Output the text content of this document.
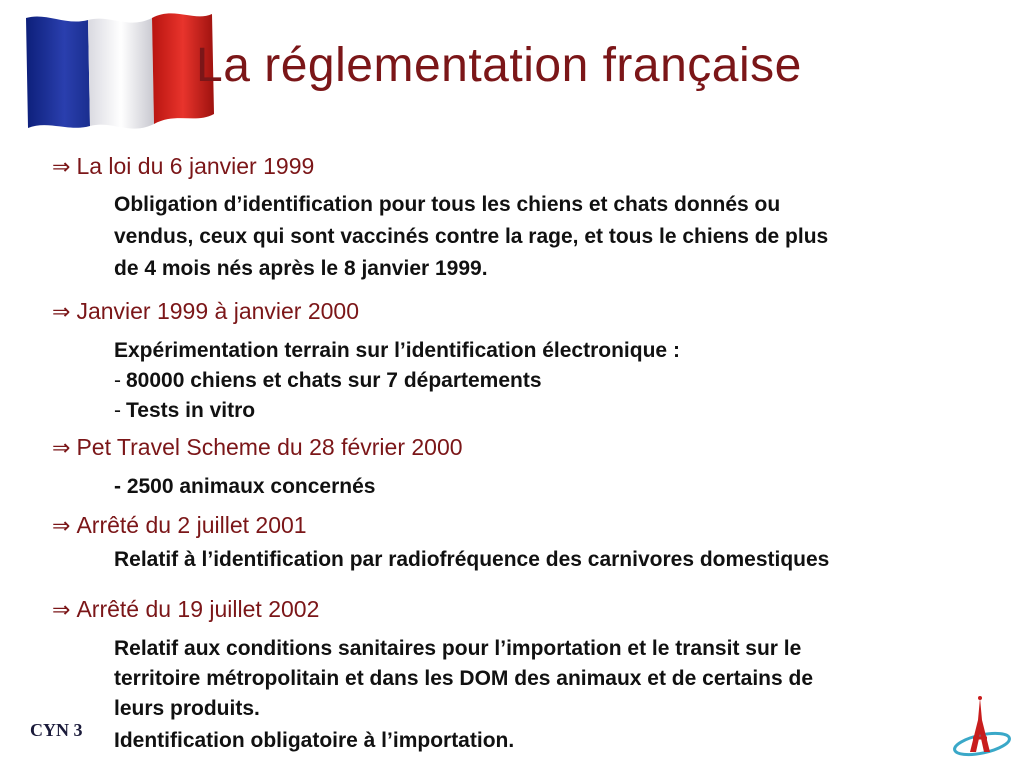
La réglementation française
⇒ La loi du 6 janvier 1999
Obligation d’identification pour tous les chiens et chats donnés ou
vendus, ceux qui sont vaccinés contre la rage, et tous le chiens de plus
de 4 mois nés après le 8 janvier 1999.
⇒ Janvier 1999 à janvier 2000
Expérimentation terrain sur l’identification électronique :
- 80000 chiens et chats sur 7 départements
- Tests in vitro
⇒ Pet Travel Scheme du 28 février 2000
- 2500 animaux concernés
⇒ Arrêté du 2 juillet 2001
Relatif à l’identification par radiofréquence des carnivores domestiques
⇒ Arrêté du 19 juillet 2002
Relatif aux conditions sanitaires pour l’importation et le transit sur le
territoire métropolitain et dans les DOM des animaux et de certains de
leurs produits.
Identification obligatoire à l’importation.
CYN 3
